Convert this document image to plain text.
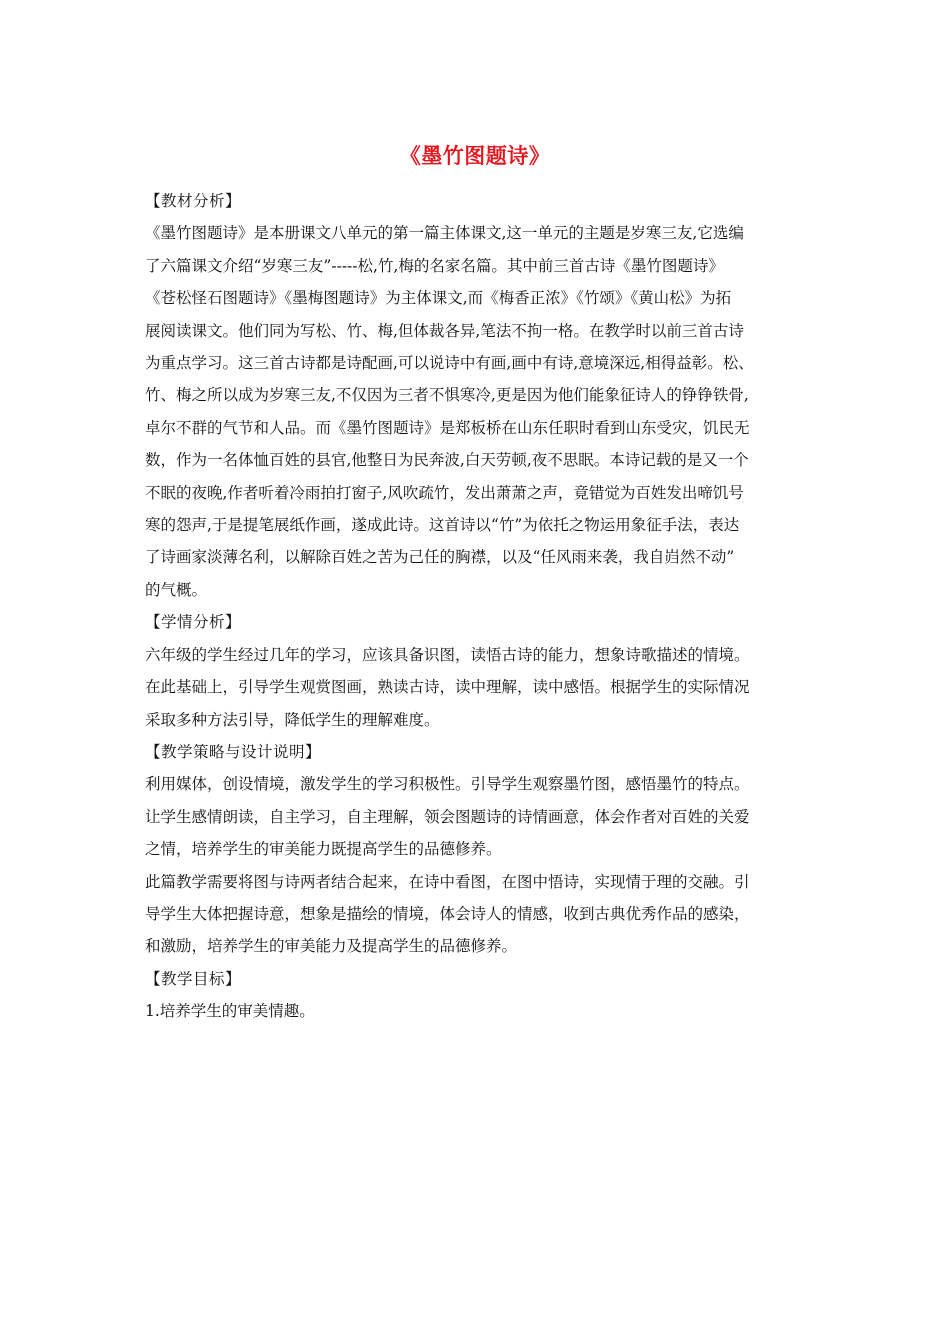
《墨竹图题诗》

【教材分析】

《墨竹图题诗》是本册课文八单元的第一篇主体课文,这一单元的主题是岁寒三友,它选编

了六篇课文介绍“岁寒三友”-----松,竹,梅的名家名篇。其中前三首古诗《墨竹图题诗》

《苍松怪石图题诗》《墨梅图题诗》为主体课文,而《梅香正浓》《竹颂》《黄山松》为拓

展阅读课文。他们同为写松、竹、梅,但体裁各异,笔法不拘一格。在教学时以前三首古诗

为重点学习。这三首古诗都是诗配画,可以说诗中有画,画中有诗,意境深远,相得益彰。松、

竹、梅之所以成为岁寒三友,不仅因为三者不惧寒冷,更是因为他们能象征诗人的铮铮铁骨,

卓尔不群的气节和人品。而《墨竹图题诗》是郑板桥在山东任职时看到山东受灾，饥民无

数，作为一名体恤百姓的县官,他整日为民奔波,白天劳顿,夜不思眠。本诗记载的是又一个

不眠的夜晚,作者听着冷雨拍打窗子,风吹疏竹，发出萧萧之声，竟错觉为百姓发出啼饥号

寒的怨声,于是提笔展纸作画，遂成此诗。这首诗以“竹”为依托之物运用象征手法，表达

了诗画家淡薄名利，以解除百姓之苦为己任的胸襟，以及“任风雨来袭，我自岿然不动”

的气概。

【学情分析】

六年级的学生经过几年的学习，应该具备识图，读悟古诗的能力，想象诗歌描述的情境。

在此基础上，引导学生观赏图画，熟读古诗，读中理解，读中感悟。根据学生的实际情况

采取多种方法引导，降低学生的理解难度。

【教学策略与设计说明】

利用媒体，创设情境，激发学生的学习积极性。引导学生观察墨竹图，感悟墨竹的特点。

让学生感情朗读，自主学习，自主理解，领会图题诗的诗情画意，体会作者对百姓的关爱

之情，培养学生的审美能力既提高学生的品德修养。

此篇教学需要将图与诗两者结合起来，在诗中看图，在图中悟诗，实现情于理的交融。引

导学生大体把握诗意，想象是描绘的情境，体会诗人的情感，收到古典优秀作品的感染，

和激励，培养学生的审美能力及提高学生的品德修养。

【教学目标】

1.培养学生的审美情趣。
